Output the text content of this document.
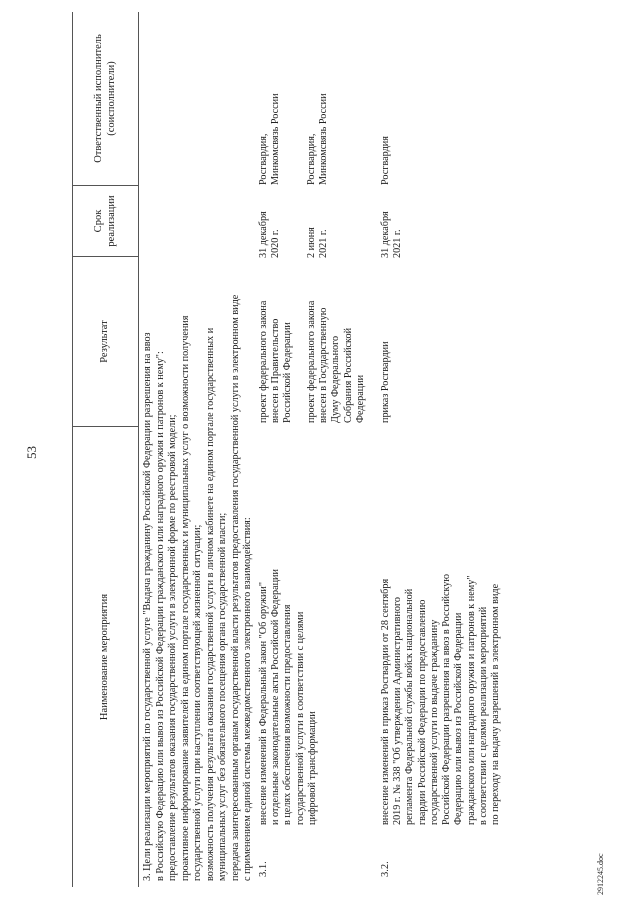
53
Наименование мероприятия
Результат
Срок реализации
Ответственный исполнитель (соисполнители)

3. Цели реализации мероприятий по государственной услуге "Выдача гражданину Российской Федерации разрешения на ввоз в Российскую Федерацию или вывоз из Российской Федерации гражданского или наградного оружия и патронов к нему": предоставление результатов оказания государственной услуги в электронной форме по реестровой модели; проактивное информирование заявителей на едином портале государственных и муниципальных услуг о возможности получения государственной услуги при наступлении соответствующей жизненной ситуации; возможность получения результата оказания государственной услуги в личном кабинете на едином портале государственных и муниципальных услуг без обязательного посещения органа государственной власти; передача заинтересованным органам государственной власти результатов предоставления государственной услуги в электронном виде с применением единой системы межведомственного электронного взаимодействия: 3.1.
внесение изменений в Федеральный закон "Об оружии" и отдельные законодательные акты Российской Федерации в целях обеспечения возможности предоставления государственной услуги в соответствии с целями цифровой трансформации
проект федерального закона внесен в Правительство Российской Федерации
31 декабря 2020 г.
Росгвардия, Минкомсвязь России
проект федерального закона внесен в Государственную Думу Федерального Собрания Российской Федерации
2 июня 2021 г.
Росгвардия, Минкомсвязь России
3.2.
внесение изменений в приказ Росгвардии от 28 сентября 2019 г. № 338 "Об утверждении Административного регламента Федеральной службы войск национальной гвардии Российской Федерации по предоставлению государственной услуги по выдаче гражданину Российской Федерации разрешения на ввоз в Российскую Федерацию или вывоз из Российской Федерации гражданского или наградного оружия и патронов к нему" в соответствии с целями реализации мероприятий по переходу на выдачу разрешений в электронном виде
приказ Росгвардии
31 декабря 2021 г.
Росгвардия
2912245.doc
